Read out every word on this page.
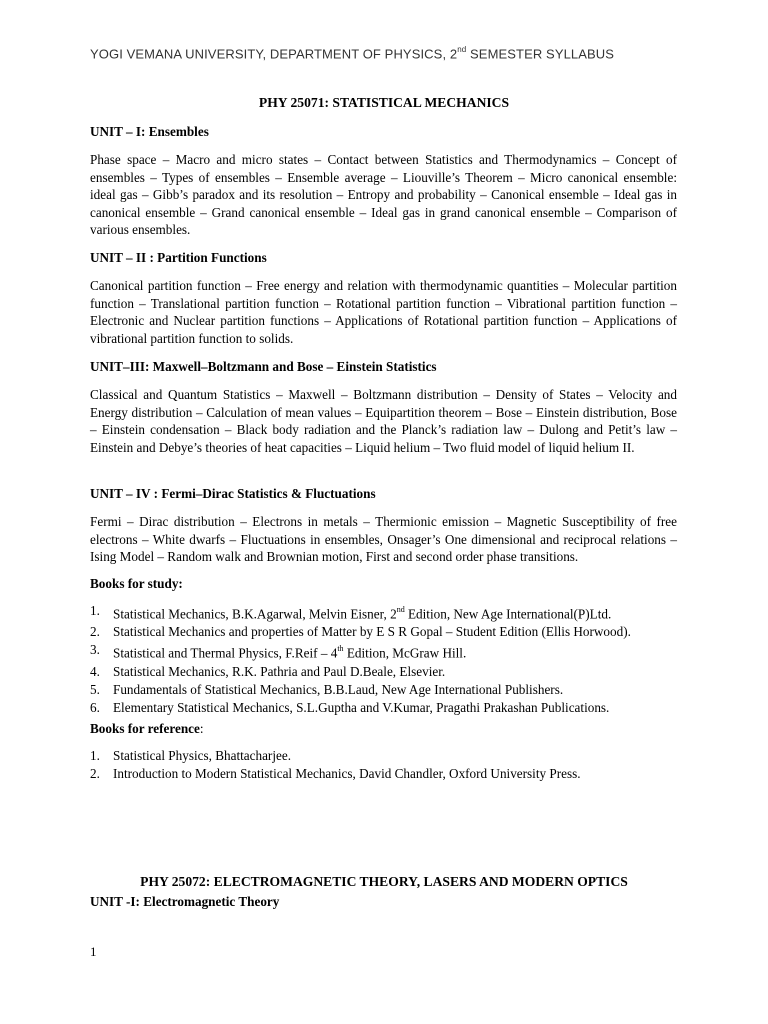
YOGI VEMANA UNIVERSITY, DEPARTMENT OF PHYSICS, 2nd SEMESTER SYLLABUS
PHY 25071: STATISTICAL MECHANICS
UNIT – I: Ensembles
Phase space – Macro and micro states – Contact between Statistics and Thermodynamics – Concept of ensembles – Types of ensembles – Ensemble average – Liouville’s Theorem – Micro canonical ensemble: ideal gas – Gibb’s paradox and its resolution – Entropy and probability – Canonical ensemble – Ideal gas in canonical ensemble – Grand canonical ensemble – Ideal gas in grand canonical ensemble – Comparison of various ensembles.
UNIT – II : Partition Functions
Canonical partition function – Free energy and relation with thermodynamic quantities – Molecular partition function – Translational partition function – Rotational partition function – Vibrational partition function – Electronic and Nuclear partition functions – Applications of Rotational partition function – Applications of vibrational partition function to solids.
UNIT–III: Maxwell–Boltzmann and Bose – Einstein Statistics
Classical and Quantum Statistics – Maxwell – Boltzmann distribution – Density of States – Velocity and Energy distribution – Calculation of mean values – Equipartition theorem – Bose – Einstein distribution, Bose – Einstein condensation – Black body radiation and the Planck’s radiation law – Dulong and Petit’s law – Einstein and Debye’s theories of heat capacities – Liquid helium – Two fluid model of liquid helium II.
UNIT – IV : Fermi–Dirac Statistics & Fluctuations
Fermi – Dirac distribution – Electrons in metals – Thermionic emission – Magnetic Susceptibility of free electrons – White dwarfs – Fluctuations in ensembles, Onsager’s One dimensional and reciprocal relations – Ising Model – Random walk and Brownian motion, First and second order phase transitions.
Books for study:
1. Statistical Mechanics, B.K.Agarwal, Melvin Eisner, 2nd Edition, New Age International(P)Ltd.
2. Statistical Mechanics and properties of Matter by E S R Gopal – Student Edition (Ellis Horwood).
3. Statistical and Thermal Physics, F.Reif – 4th Edition, McGraw Hill.
4. Statistical Mechanics, R.K. Pathria and Paul D.Beale, Elsevier.
5. Fundamentals of Statistical Mechanics, B.B.Laud, New Age International Publishers.
6. Elementary Statistical Mechanics, S.L.Guptha and V.Kumar, Pragathi Prakashan Publications.
Books for reference:
1. Statistical Physics, Bhattacharjee.
2. Introduction to Modern Statistical Mechanics, David Chandler, Oxford University Press.
PHY 25072: ELECTROMAGNETIC THEORY, LASERS AND MODERN OPTICS
UNIT -I: Electromagnetic Theory
1
